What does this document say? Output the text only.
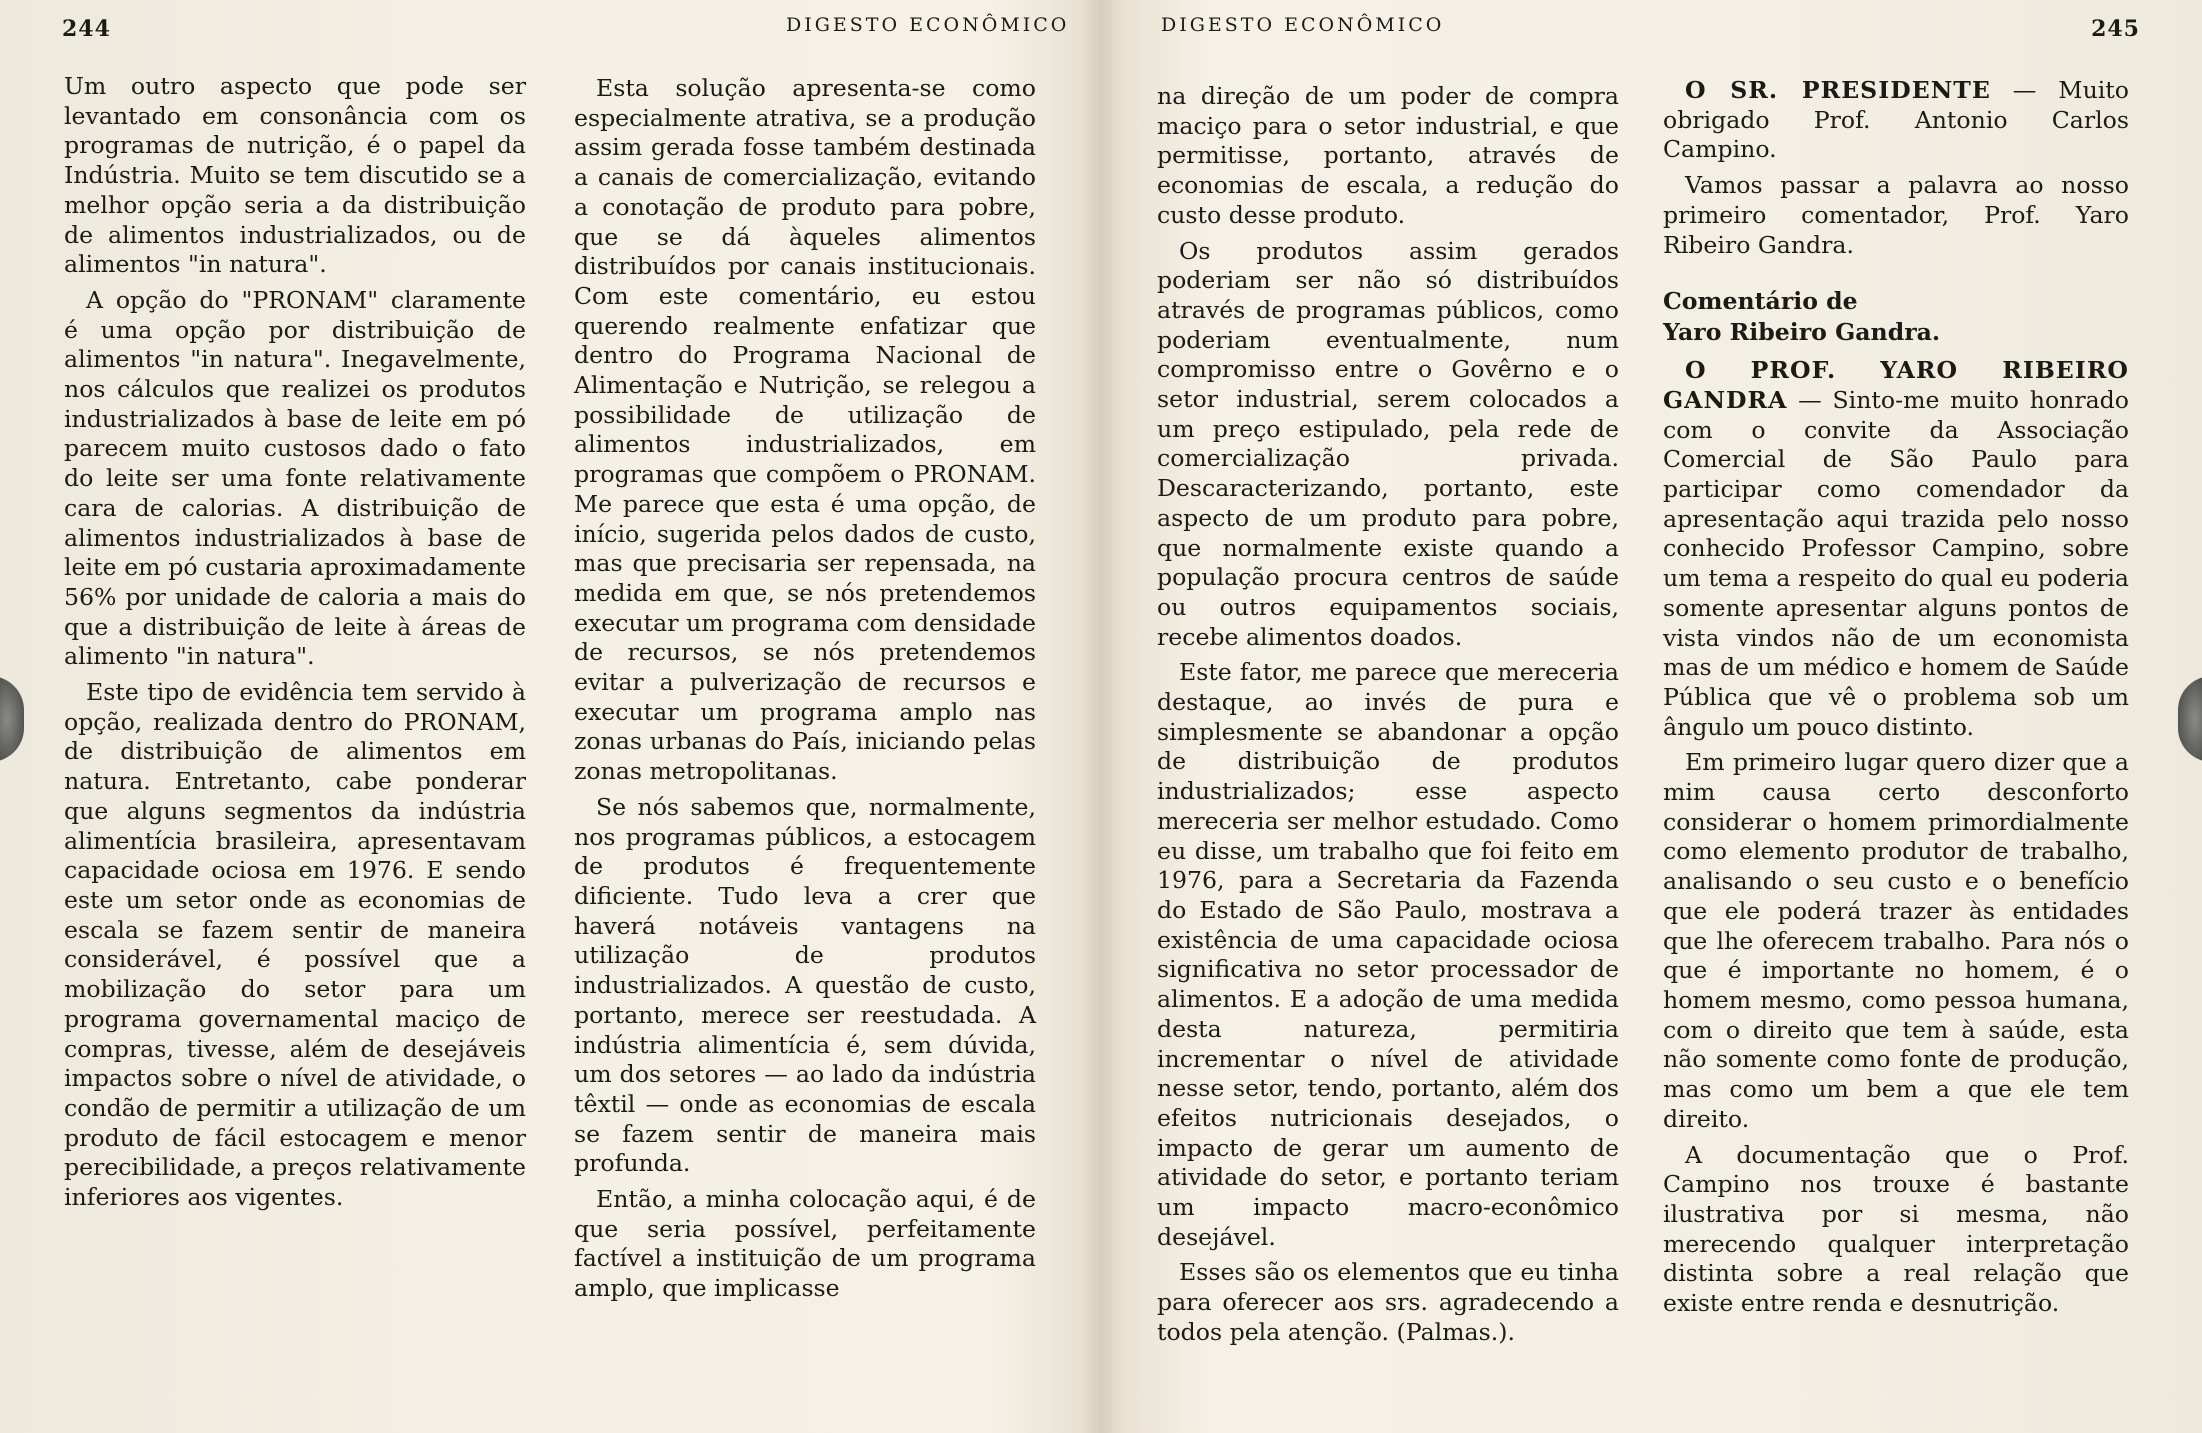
244	DIGESTO ECONÔMICO

Um outro aspecto que pode ser levantado em consonância com os programas de nutrição, é o papel da Indústria. Muito se tem discutido se a melhor opção seria a da distribuição de alimentos industrializados, ou de alimentos "in natura".

A opção do "PRONAM" claramente é uma opção por distribuição de alimentos "in natura". Inegavelmente, nos cálculos que realizei os produtos industrializados à base de leite em pó parecem muito custosos dado o fato do leite ser uma fonte relativamente cara de calorias. A distribuição de alimentos industrializados à base de leite em pó custaria aproximadamente 56% por unidade de caloria a mais do que a distribuição de leite à áreas de alimento "in natura".

Este tipo de evidência tem servido à opção, realizada dentro do PRONAM, de distribuição de alimentos em natura. Entretanto, cabe ponderar que alguns segmentos da indústria alimentícia brasileira, apresentavam capacidade ociosa em 1976. E sendo este um setor onde as economias de escala se fazem sentir de maneira considerável, é possível que a mobilização do setor para um programa governamental maciço de compras, tivesse, além de desejáveis impactos sobre o nível de atividade, o condão de permitir a utilização de um produto de fácil estocagem e menor perecibilidade, a preços relativamente inferiores aos vigentes.

Esta solução apresenta-se como especialmente atrativa, se a produção assim gerada fosse também destinada a canais de comercialização, evitando a conotação de produto para pobre, que se dá àqueles alimentos distribuídos por canais institucionais. Com este comentário, eu estou querendo realmente enfatizar que dentro do Programa Nacional de Alimentação e Nutrição, se relegou a possibilidade de utilização de alimentos industrializados, em programas que compõem o PRONAM. Me parece que esta é uma opção, de início, sugerida pelos dados de custo, mas que precisaria ser repensada, na medida em que, se nós pretendemos executar um programa com densidade de recursos, se nós pretendemos evitar a pulverização de recursos e executar um programa amplo nas zonas urbanas do País, iniciando pelas zonas metropolitanas.

Se nós sabemos que, normalmente, nos programas públicos, a estocagem de produtos é frequentemente dificiente. Tudo leva a crer que haverá notáveis vantagens na utilização de produtos industrializados. A questão de custo, portanto, merece ser reestudada. A indústria alimentícia é, sem dúvida, um dos setores — ao lado da indústria têxtil — onde as economias de escala se fazem sentir de maneira mais profunda.

Então, a minha colocação aqui, é de que seria possível, perfeitamente factível a instituição de um programa amplo, que implicasse

245
DIGESTO ECONÔMICO

na direção de um poder de compra maciço para o setor industrial, e que permitisse, portanto, através de economias de escala, a redução do custo desse produto.

Os produtos assim gerados poderiam ser não só distribuídos através de programas públicos, como poderiam eventualmente, num compromisso entre o Govêrno e o setor industrial, serem colocados a um preço estipulado, pela rede de comercialização privada. Descaracterizando, portanto, este aspecto de um produto para pobre, que normalmente existe quando a população procura centros de saúde ou outros equipamentos sociais, recebe alimentos doados.

Este fator, me parece que mereceria destaque, ao invés de pura e simplesmente se abandonar a opção de distribuição de produtos industrializados; esse aspecto mereceria ser melhor estudado. Como eu disse, um trabalho que foi feito em 1976, para a Secretaria da Fazenda do Estado de São Paulo, mostrava a existência de uma capacidade ociosa significativa no setor processador de alimentos. E a adoção de uma medida desta natureza, permitiria incrementar o nível de atividade nesse setor, tendo, portanto, além dos efeitos nutricionais desejados, o impacto de gerar um aumento de atividade do setor, e portanto teriam um impacto macro-econômico desejável.

Esses são os elementos que eu tinha para oferecer aos srs. agradecendo a todos pela atenção. (Palmas.).

O SR. PRESIDENTE — Muito obrigado Prof. Antonio Carlos Campino.

Vamos passar a palavra ao nosso primeiro comentador, Prof. Yaro Ribeiro Gandra.

Comentário de
Yaro Ribeiro Gandra.

O PROF. YARO RIBEIRO GANDRA — Sinto-me muito honrado com o convite da Associação Comercial de São Paulo para participar como comendador da apresentação aqui trazida pelo nosso conhecido Professor Campino, sobre um tema a respeito do qual eu poderia somente apresentar alguns pontos de vista vindos não de um economista mas de um médico e homem de Saúde Pública que vê o problema sob um ângulo um pouco distinto.

Em primeiro lugar quero dizer que a mim causa certo desconforto considerar o homem primordialmente como elemento produtor de trabalho, analisando o seu custo e o benefício que ele poderá trazer às entidades que lhe oferecem trabalho. Para nós o que é importante no homem, é o homem mesmo, como pessoa humana, com o direito que tem à saúde, esta não somente como fonte de produção, mas como um bem a que ele tem direito.

A documentação que o Prof. Campino nos trouxe é bastante ilustrativa por si mesma, não merecendo qualquer interpretação distinta sobre a real relação que existe entre renda e desnutrição.
